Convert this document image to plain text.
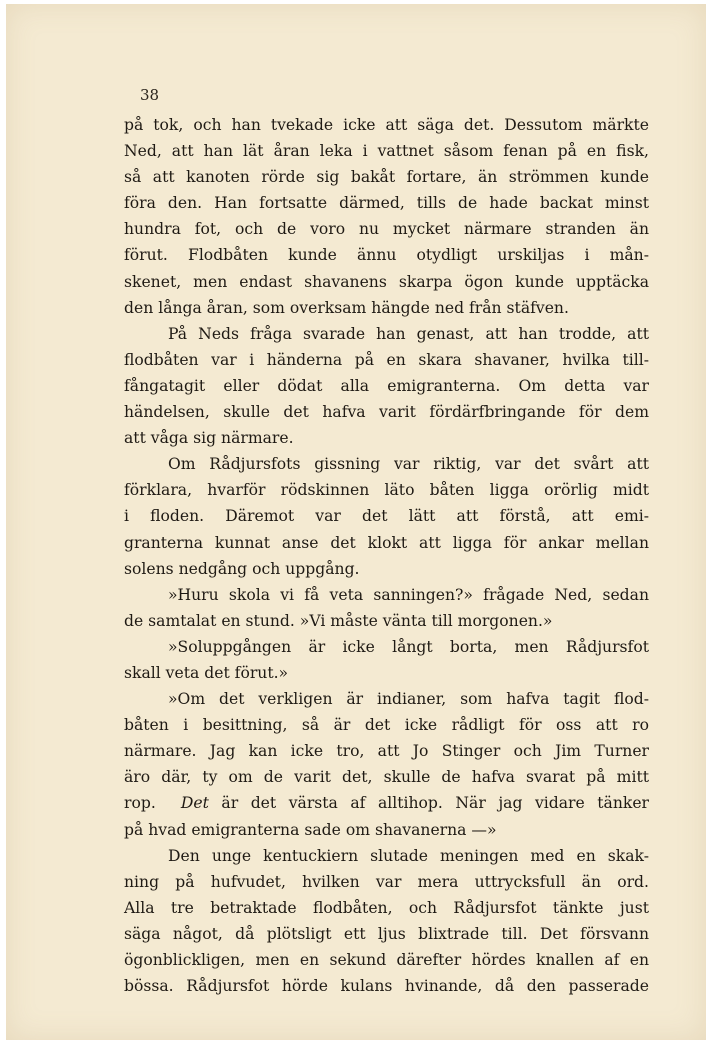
38
på tok, och han tvekade icke att säga det. Dessutom märkte
Ned, att han lät åran leka i vattnet såsom fenan på en fisk,
så att kanoten rörde sig bakåt fortare, än strömmen kunde
föra den. Han fortsatte därmed, tills de hade backat minst
hundra fot, och de voro nu mycket närmare stranden än
förut. Flodbåten kunde ännu otydligt urskiljas i mån-
skenet, men endast shavanens skarpa ögon kunde upptäcka
den långa åran, som overksam hängde ned från stäfven.
På Neds fråga svarade han genast, att han trodde, att
flodbåten var i händerna på en skara shavaner, hvilka till-
fångatagit eller dödat alla emigranterna. Om detta var
händelsen, skulle det hafva varit fördärfbringande för dem
att våga sig närmare.
Om Rådjursfots gissning var riktig, var det svårt att
förklara, hvarför rödskinnen läto båten ligga orörlig midt
i floden. Däremot var det lätt att förstå, att emi-
granterna kunnat anse det klokt att ligga för ankar mellan
solens nedgång och uppgång.
»Huru skola vi få veta sanningen?» frågade Ned, sedan
de samtalat en stund. »Vi måste vänta till morgonen.»
»Soluppgången är icke långt borta, men Rådjursfot
skall veta det förut.»
»Om det verkligen är indianer, som hafva tagit flod-
båten i besittning, så är det icke rådligt för oss att ro
närmare. Jag kan icke tro, att Jo Stinger och Jim Turner
äro där, ty om de varit det, skulle de hafva svarat på mitt
rop. Det är det värsta af alltihop. När jag vidare tänker
på hvad emigranterna sade om shavanerna —»
Den unge kentuckiern slutade meningen med en skak-
ning på hufvudet, hvilken var mera uttrycksfull än ord.
Alla tre betraktade flodbåten, och Rådjursfot tänkte just
säga något, då plötsligt ett ljus blixtrade till. Det försvann
ögonblickligen, men en sekund därefter hördes knallen af en
bössa. Rådjursfot hörde kulans hvinande, då den passerade
